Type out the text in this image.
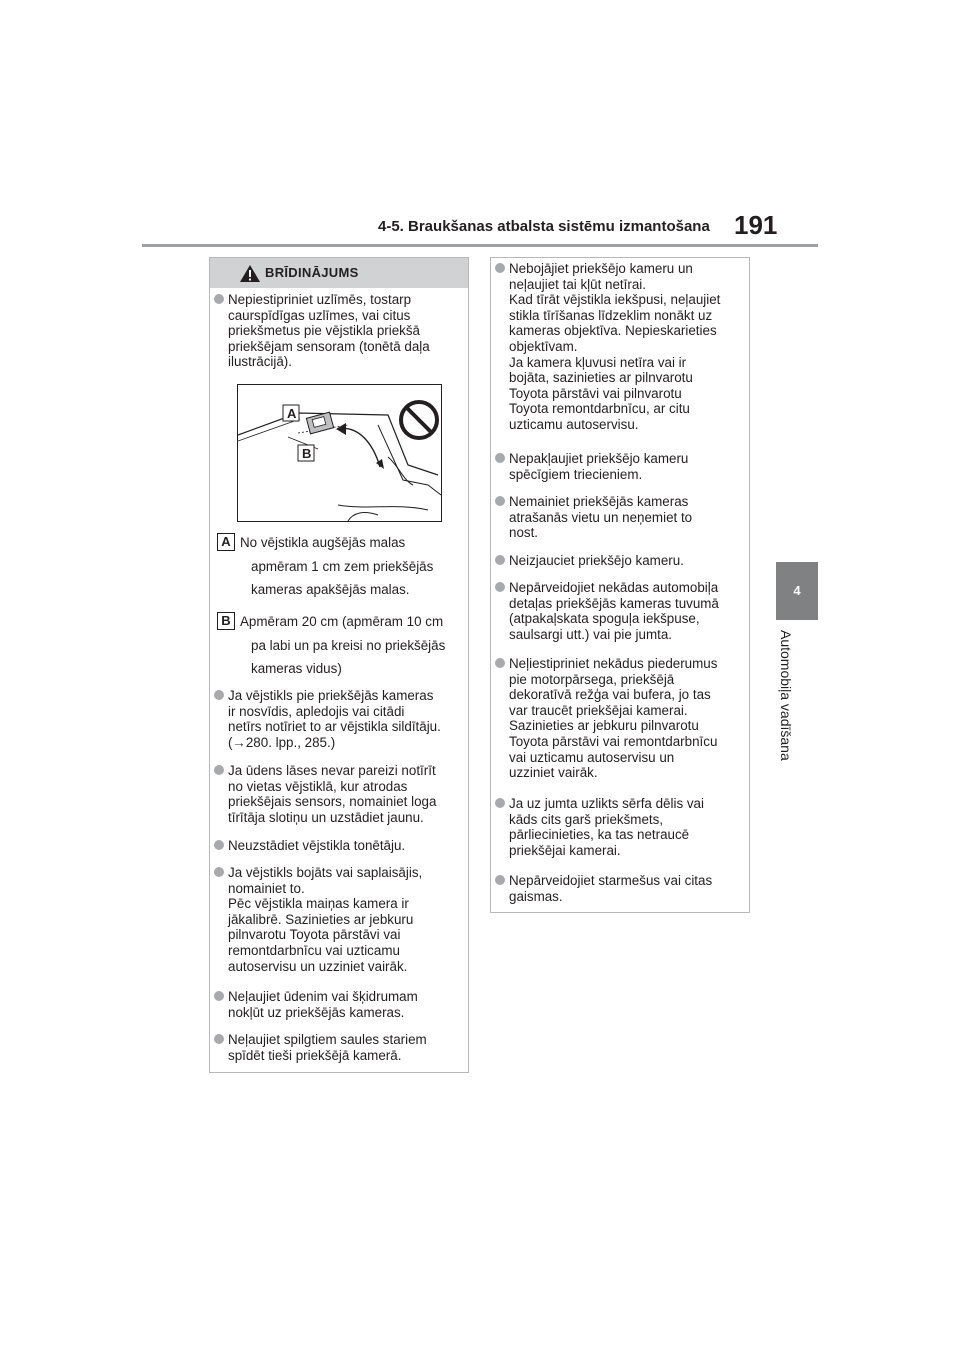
4-5. Braukšanas atbalsta sistēmu izmantošana 191
4
Automobiļa vadīšana
BRĪDINĀJUMS

Nepiestipriniet uzlīmēs, tostarp

caurspīdīgas uzlīmes, vai citus

priekšmetus pie vējstikla priekšā

priekšējam sensoram (tonētā daļa

ilustrācijā).

A
B
A No vējstikla augšējās malas
apmēram 1 cm zem priekšējās
kameras apakšējās malas.
B Apmēram 20 cm (apmēram 10 cm
pa labi un pa kreisi no priekšējās
kameras vidus)

Ja vējstikls pie priekšējās kameras

ir nosvīdis, apledojis vai citādi

netīrs notīriet to ar vējstikla sildītāju.

(→280. lpp., 285.)

Ja ūdens lāses nevar pareizi notīrīt

no vietas vējstiklā, kur atrodas

priekšējais sensors, nomainiet loga

tīrītāja slotiņu un uzstādiet jaunu.

Neuzstādiet vējstikla tonētāju.

Ja vējstikls bojāts vai saplaisājis,

nomainiet to.

Pēc vējstikla maiņas kamera ir

jākalibrē. Sazinieties ar jebkuru

pilnvarotu Toyota pārstāvi vai

remontdarbnīcu vai uzticamu

autoservisu un uzziniet vairāk.

Neļaujiet ūdenim vai šķidrumam

nokļūt uz priekšējās kameras.

Neļaujiet spilgtiem saules stariem

spīdēt tieši priekšējā kamerā.

Nebojājiet priekšējo kameru un

neļaujiet tai kļūt netīrai.

Kad tīrāt vējstikla iekšpusi, neļaujiet

stikla tīrīšanas līdzeklim nonākt uz

kameras objektīva. Nepieskarieties

objektīvam.

Ja kamera kļuvusi netīra vai ir

bojāta, sazinieties ar pilnvarotu

Toyota pārstāvi vai pilnvarotu

Toyota remontdarbnīcu, ar citu

uzticamu autoservisu.

Nepakļaujiet priekšējo kameru

spēcīgiem triecieniem.

Nemainiet priekšējās kameras

atrašanās vietu un neņemiet to

nost.

Neizjauciet priekšējo kameru.

Nepārveidojiet nekādas automobiļa

detaļas priekšējās kameras tuvumā

(atpakaļskata spoguļa iekšpuse,

saulsargi utt.) vai pie jumta.

Neļiestipriniet nekādus piederumus

pie motorpārsega, priekšējā

dekoratīvā režģa vai bufera, jo tas

var traucēt priekšējai kamerai.

Sazinieties ar jebkuru pilnvarotu

Toyota pārstāvi vai remontdarbnīcu

vai uzticamu autoservisu un

uzziniet vairāk.

Ja uz jumta uzlikts sērfa dēlis vai

kāds cits garš priekšmets,

pārliecinieties, ka tas netraucē

priekšējai kamerai.

Nepārveidojiet starmešus vai citas

gaismas.
